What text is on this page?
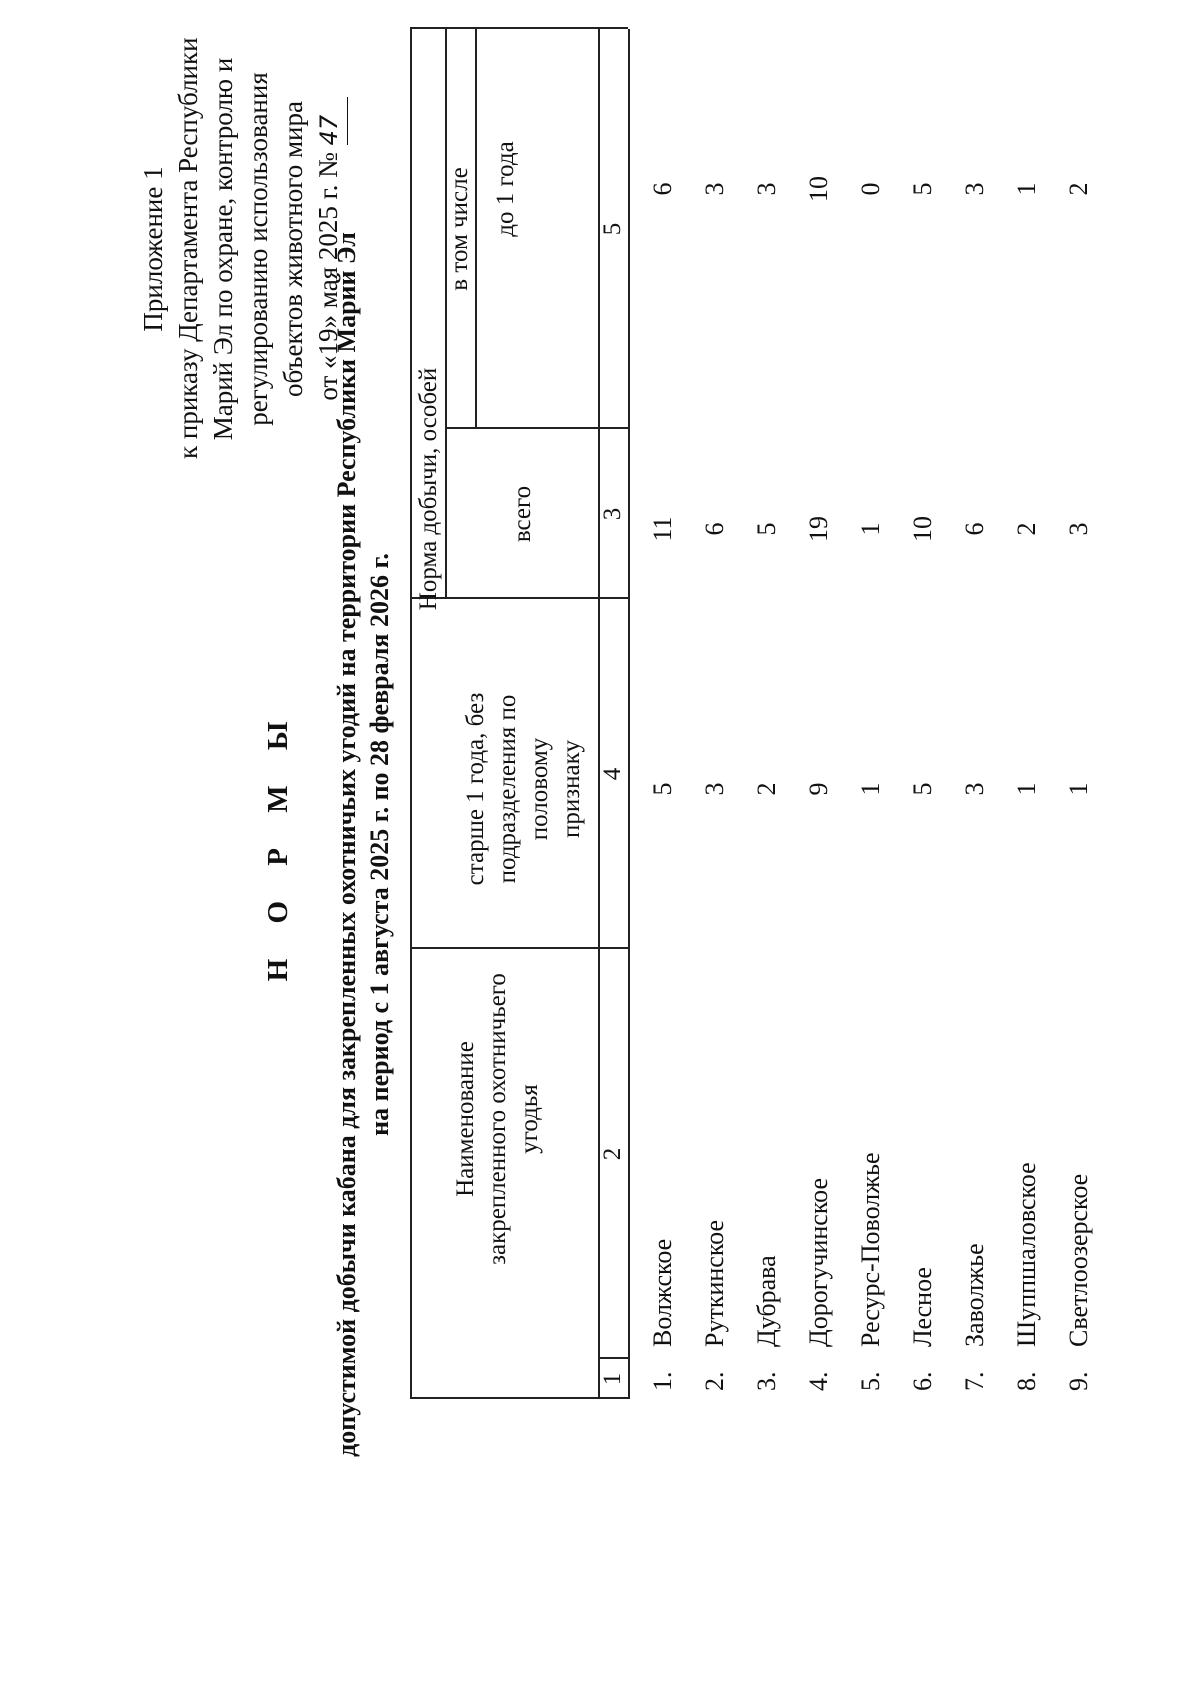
Приложение 1 к приказу Департамента Республики Марий Эл по охране, контролю и регулированию использования объектов животного мира от «19» мая 2025 г. № 47
Н О Р М Ы допустимой добычи кабана для закрепленных охотничьих угодий на территории Республики Марий Эл на период с 1 августа 2025 г. по 28 февраля 2026 г. Наименование закрепленного охотничьего угодья
Норма добычи, особей	всего
в том числе
старше 1 года, без подразделения по половому признаку
до 1 года
1
2
3
4
5
1.
Волжское
11
5
6
2.
Руткинское
6
3
3
3.
Дубрава
5
2
3
4.
Дорогучинское
19
9
10
5.
Ресурс-Поволжье
1
1
0
6.
Лесное
10
5
5
7.
Заволжье
6
3
3
8.
Шуппшаловское
2
1
1
9.
Светлоозерское
3
1
2
